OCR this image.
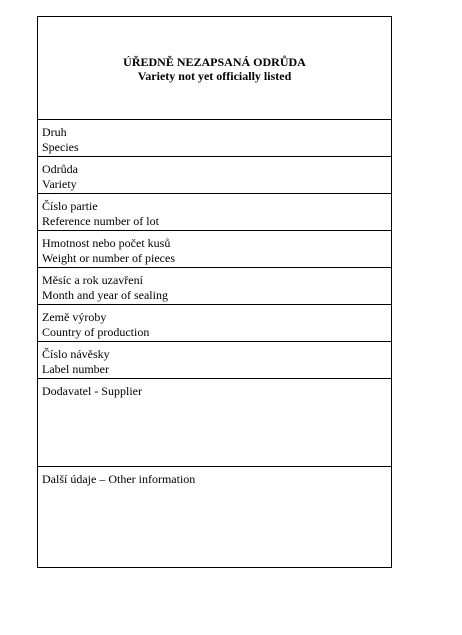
ÚŘEDNĚ NEZAPSANÁ ODRŮDA
Variety not yet officially listed
Druh
Species
Odrůda
Variety
Číslo partie
Reference number of lot
Hmotnost nebo počet kusů
Weight or number of pieces
Měsíc a rok uzavření
Month and year of sealing
Země výroby
Country of production
Číslo návěsky
Label number
Dodavatel - Supplier
Další údaje – Other information
